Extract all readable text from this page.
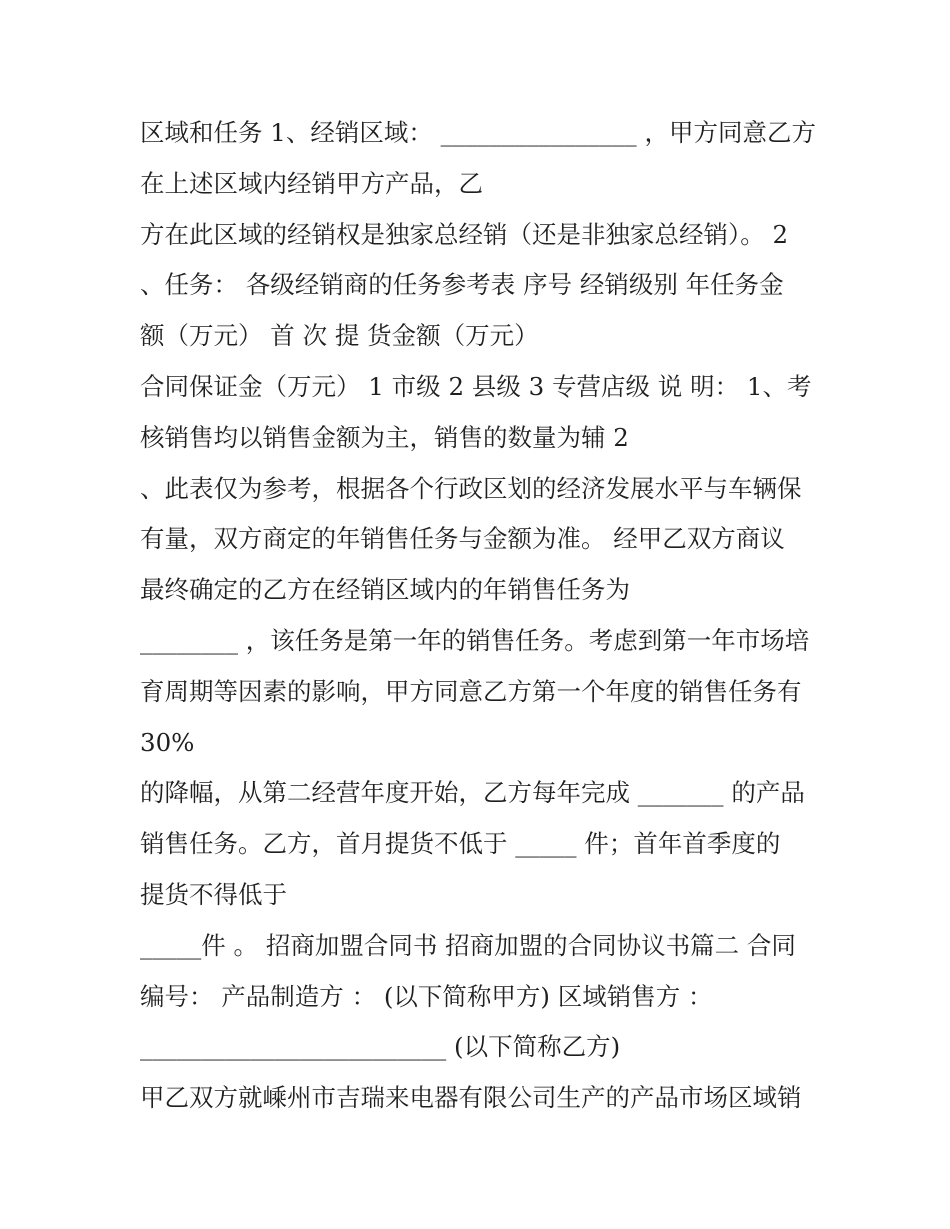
区域和任务 1、经销区域： ________________ ，甲方同意乙方
在上述区域内经销甲方产品，乙
方在此区域的经销权是独家总经销（还是非独家总经销）。 2
、任务： 各级经销商的任务参考表 序号 经销级别 年任务金
额（万元） 首 次 提 货金额（万元）
合同保证金（万元） 1 市级 2 县级 3 专营店级 说 明： 1、考
核销售均以销售金额为主，销售的数量为辅 2
、此表仅为参考，根据各个行政区划的经济发展水平与车辆保
有量，双方商定的年销售任务与金额为准。 经甲乙双方商议
最终确定的乙方在经销区域内的年销售任务为
________ ，该任务是第一年的销售任务。考虑到第一年市场培
育周期等因素的影响，甲方同意乙方第一个年度的销售任务有
30%
的降幅，从第二经营年度开始，乙方每年完成 _______ 的产品
销售任务。乙方，首月提货不低于 _____ 件；首年首季度的
提货不得低于
_____件 。 招商加盟合同书 招商加盟的合同协议书篇二 合同
编号： 产品制造方 ： (以下简称甲方) 区域销售方 ：
_________________________ (以下简称乙方)
甲乙双方就嵊州市吉瑞来电器有限公司生产的产品市场区域销
